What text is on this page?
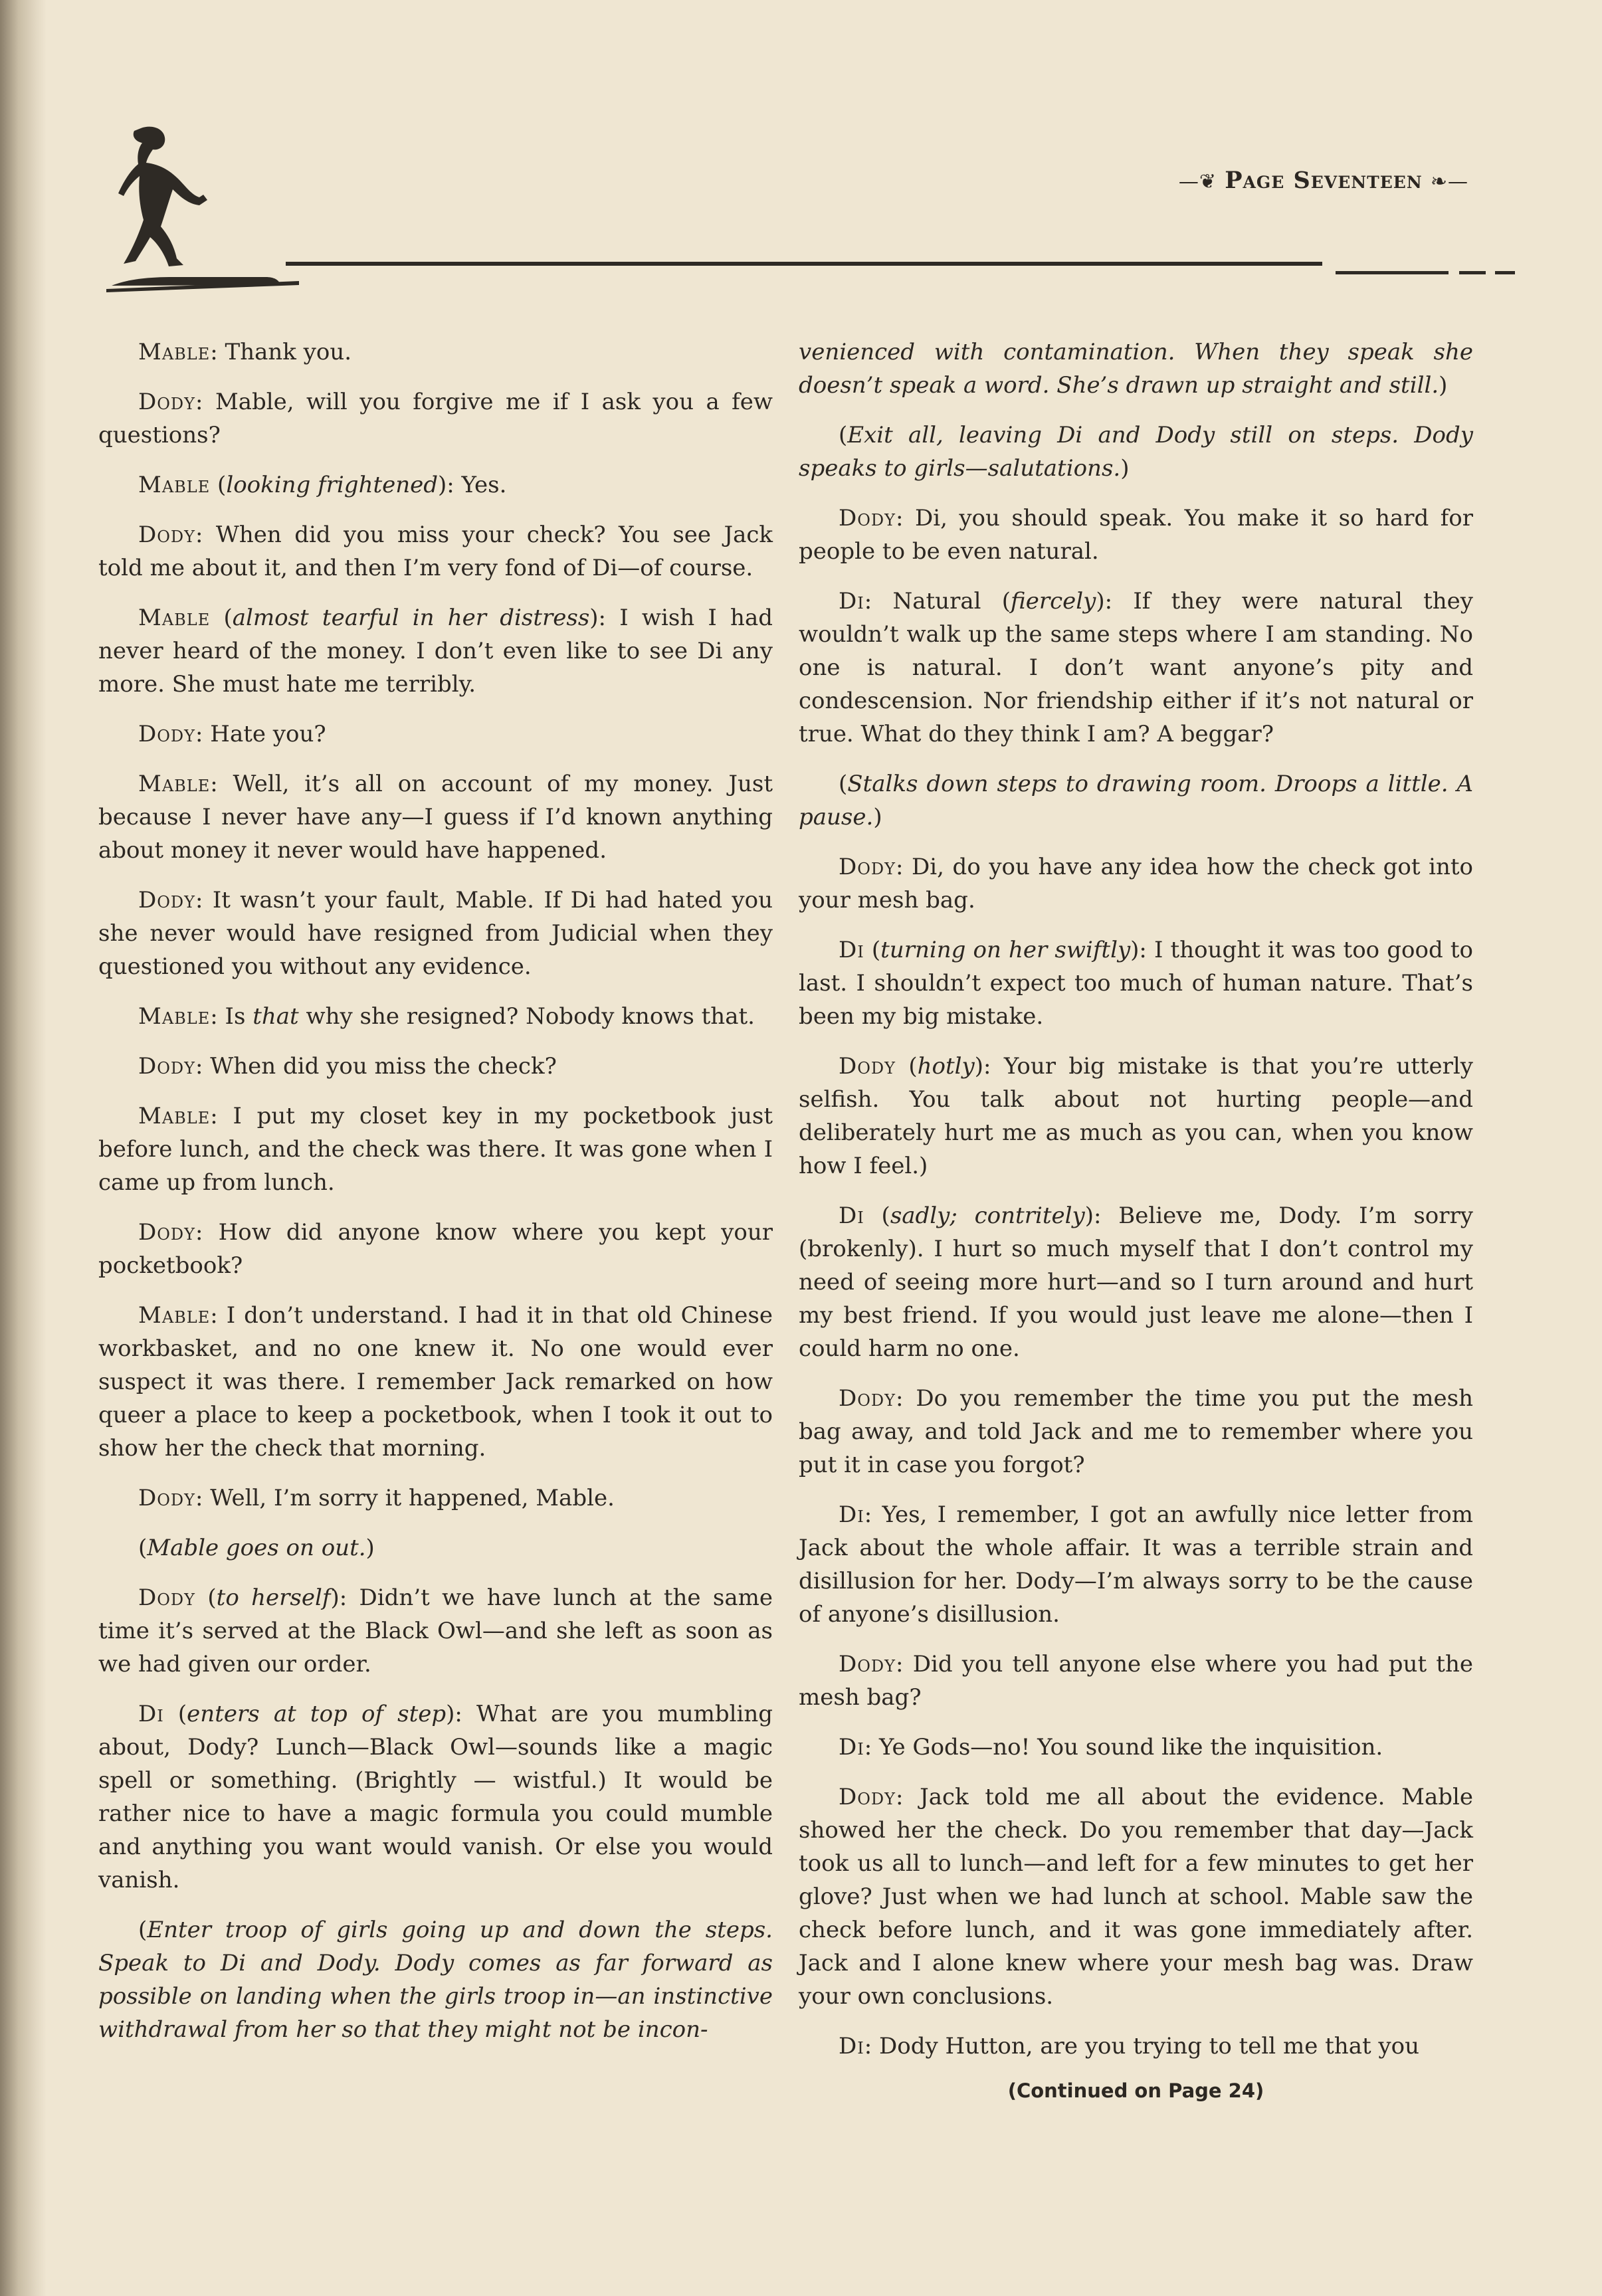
—❦ Page Seventeen ❧—

Mable: Thank you.

Dody: Mable, will you forgive me if I ask you a few questions?

Mable (looking frightened): Yes.

Dody: When did you miss your check? You see Jack told me about it, and then I’m very fond of Di—of course.

Mable (almost tearful in her distress): I wish I had never heard of the money. I don’t even like to see Di any more. She must hate me terribly.

Dody: Hate you?

Mable: Well, it’s all on account of my money. Just because I never have any—I guess if I’d known anything about money it never would have happened.

Dody: It wasn’t your fault, Mable. If Di had hated you she never would have resigned from Judicial when they questioned you without any evidence.

Mable: Is that why she resigned? Nobody knows that.

Dody: When did you miss the check?

Mable: I put my closet key in my pocketbook just before lunch, and the check was there. It was gone when I came up from lunch.

Dody: How did anyone know where you kept your pocketbook?

Mable: I don’t understand. I had it in that old Chinese workbasket, and no one knew it. No one would ever suspect it was there. I remember Jack remarked on how queer a place to keep a pocketbook, when I took it out to show her the check that morning.

Dody: Well, I’m sorry it happened, Mable.

(Mable goes on out.)

Dody (to herself): Didn’t we have lunch at the same time it’s served at the Black Owl—and she left as soon as we had given our order.

Di (enters at top of step): What are you mumbling about, Dody? Lunch—Black Owl—sounds like a magic spell or something. (Brightly — wistful.) It would be rather nice to have a magic formula you could mumble and anything you want would vanish. Or else you would vanish.

(Enter troop of girls going up and down the steps. Speak to Di and Dody. Dody comes as far forward as possible on landing when the girls troop in—an instinctive withdrawal from her so that they might not be incon-

venienced with contamination. When they speak she doesn’t speak a word. She’s drawn up straight and still.)

(Exit all, leaving Di and Dody still on steps. Dody speaks to girls—salutations.)

Dody: Di, you should speak. You make it so hard for people to be even natural.

Di: Natural (fiercely): If they were natural they wouldn’t walk up the same steps where I am standing. No one is natural. I don’t want anyone’s pity and condescension. Nor friendship either if it’s not natural or true. What do they think I am? A beggar?

(Stalks down steps to drawing room. Droops a little. A pause.)

Dody: Di, do you have any idea how the check got into your mesh bag.

Di (turning on her swiftly): I thought it was too good to last. I shouldn’t expect too much of human nature. That’s been my big mistake.

Dody (hotly): Your big mistake is that you’re utterly selfish. You talk about not hurting people—and deliberately hurt me as much as you can, when you know how I feel.)

Di (sadly; contritely): Believe me, Dody. I’m sorry (brokenly). I hurt so much myself that I don’t control my need of seeing more hurt—and so I turn around and hurt my best friend. If you would just leave me alone—then I could harm no one.

Dody: Do you remember the time you put the mesh bag away, and told Jack and me to remember where you put it in case you forgot?

Di: Yes, I remember, I got an awfully nice letter from Jack about the whole affair. It was a terrible strain and disillusion for her. Dody—I’m always sorry to be the cause of anyone’s disillusion.

Dody: Did you tell anyone else where you had put the mesh bag?

Di: Ye Gods—no! You sound like the inquisition.

Dody: Jack told me all about the evidence. Mable showed her the check. Do you remember that day—Jack took us all to lunch—and left for a few minutes to get her glove? Just when we had lunch at school. Mable saw the check before lunch, and it was gone immediately after. Jack and I alone knew where your mesh bag was. Draw your own conclusions.

Di: Dody Hutton, are you trying to tell me that you

(Continued on Page 24)
